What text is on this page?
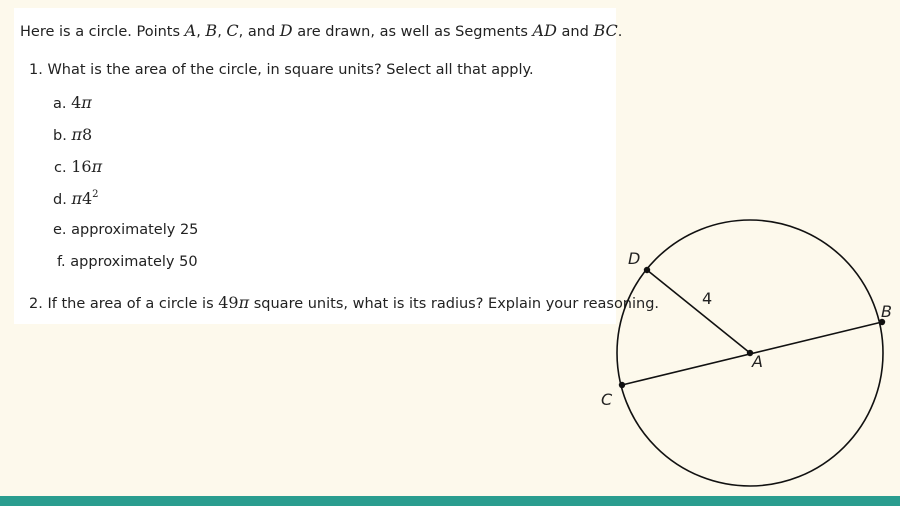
Here is a circle. Points A, B, C, and D are drawn, as well as Segments AD and BC.
1. What is the area of the circle, in square units? Select all that apply.
a. 4π
b. π8
c. 16π
d. $\pi 4^2$
e. approximately 25
f. approximately 50
2. If the area of a circle is 49π square units, what is its radius? Explain your reasoning.
A
B
C
D
4
